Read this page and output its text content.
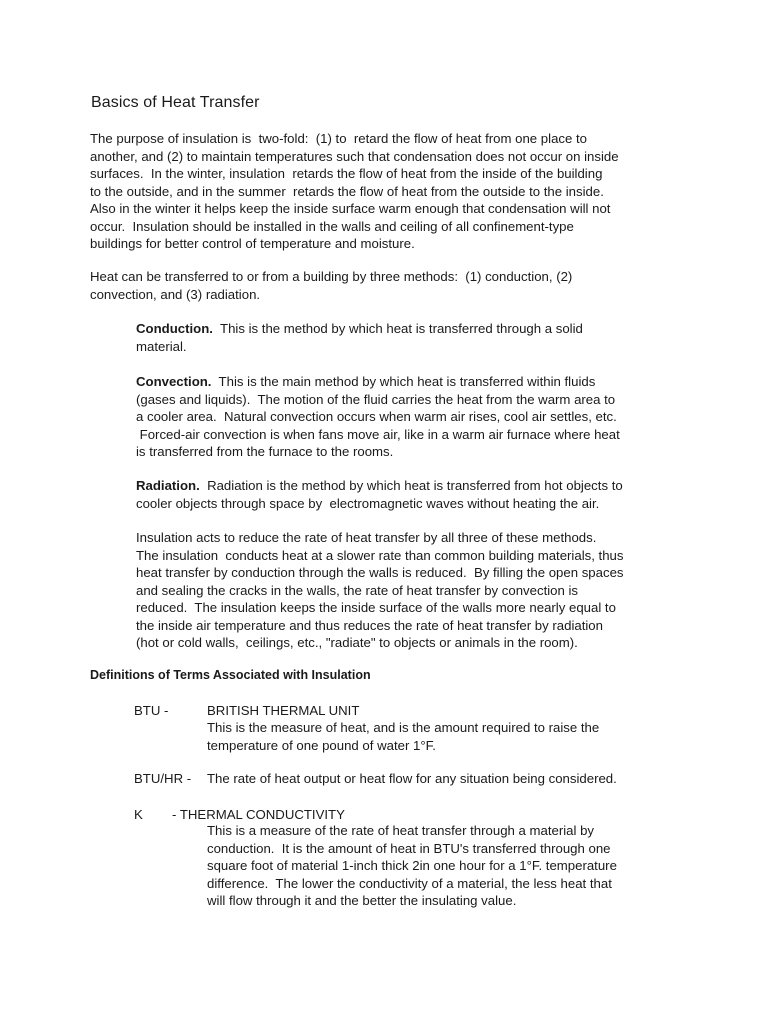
Basics of Heat Transfer
The purpose of insulation is  two-fold:  (1) to  retard the flow of heat from one place to
another, and (2) to maintain temperatures such that condensation does not occur on inside
surfaces.  In the winter, insulation  retards the flow of heat from the inside of the building
to the outside, and in the summer  retards the flow of heat from the outside to the inside.
Also in the winter it helps keep the inside surface warm enough that condensation will not
occur.  Insulation should be installed in the walls and ceiling of all confinement-type
buildings for better control of temperature and moisture.
Heat can be transferred to or from a building by three methods:  (1) conduction, (2)
convection, and (3) radiation.
Conduction.  This is the method by which heat is transferred through a solid
material.
Convection.  This is the main method by which heat is transferred within fluids
(gases and liquids).  The motion of the fluid carries the heat from the warm area to
a cooler area.  Natural convection occurs when warm air rises, cool air settles, etc.
Forced-air convection is when fans move air, like in a warm air furnace where heat
is transferred from the furnace to the rooms.
Radiation.  Radiation is the method by which heat is transferred from hot objects to
cooler objects through space by  electromagnetic waves without heating the air.
Insulation acts to reduce the rate of heat transfer by all three of these methods.
The insulation  conducts heat at a slower rate than common building materials, thus
heat transfer by conduction through the walls is reduced.  By filling the open spaces
and sealing the cracks in the walls, the rate of heat transfer by convection is
reduced.  The insulation keeps the inside surface of the walls more nearly equal to
the inside air temperature and thus reduces the rate of heat transfer by radiation
(hot or cold walls,  ceilings, etc., "radiate" to objects or animals in the room).
Definitions of Terms Associated with Insulation
BTU -	BRITISH THERMAL UNIT
This is the measure of heat, and is the amount required to raise the
temperature of one pound of water 1°F.
BTU/HR - The rate of heat output or heat flow for any situation being considered.
K - THERMAL CONDUCTIVITY
This is a measure of the rate of heat transfer through a material by
conduction.  It is the amount of heat in BTU's transferred through one
square foot of material 1-inch thick 2in one hour for a 1°F. temperature
difference.  The lower the conductivity of a material, the less heat that
will flow through it and the better the insulating value.
